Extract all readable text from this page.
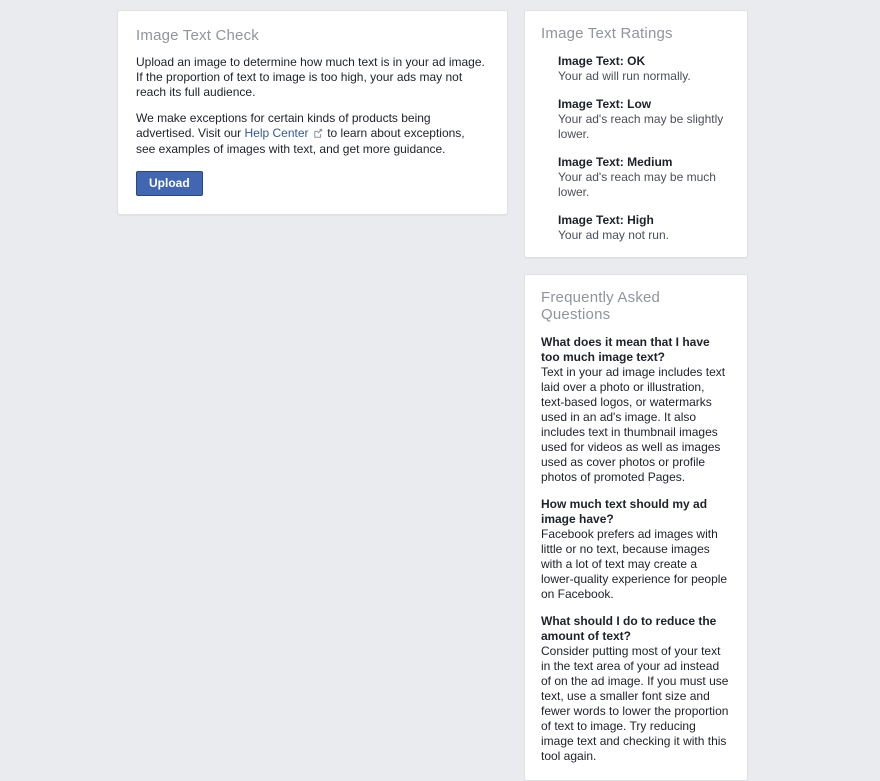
Image Text Check

Upload an image to determine how much text is in your ad image. If the proportion of text to image is too high, your ads may not reach its full audience.

We make exceptions for certain kinds of products being advertised. Visit our Help Center  to learn about exceptions, see examples of images with text, and get more guidance.

Upload
Image Text Ratings
Image Text: OK
Your ad will run normally.
Image Text: Low
Your ad's reach may be slightly lower.
Image Text: Medium
Your ad's reach may be much lower.
Image Text: High
Your ad may not run.
Frequently Asked Questions

What does it mean that I have too much image text?

Text in your ad image includes text laid over a photo or illustration, text-based logos, or watermarks used in an ad's image. It also includes text in thumbnail images used for videos as well as images used as cover photos or profile photos of promoted Pages.

How much text should my ad image have?

Facebook prefers ad images with little or no text, because images with a lot of text may create a lower-quality experience for people on Facebook.

What should I do to reduce the amount of text?

Consider putting most of your text in the text area of your ad instead of on the ad image. If you must use text, use a smaller font size and fewer words to lower the proportion of text to image. Try reducing image text and checking it with this tool again.
